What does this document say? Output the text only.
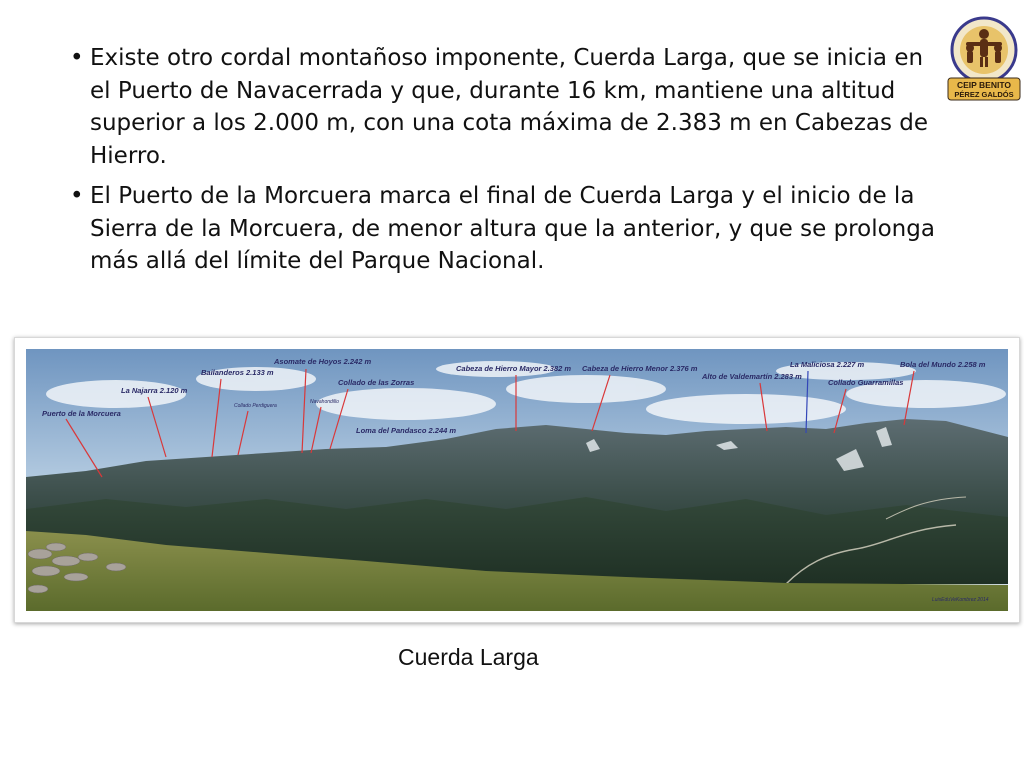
• Existe otro cordal montañoso imponente, Cuerda Larga, que se inicia en el Puerto de Navacerrada y que, durante 16 km, mantiene una altitud superior a los 2.000 m, con una cota máxima de 2.383 m en Cabezas de Hierro.
• El Puerto de la Morcuera marca el final de Cuerda Larga y el inicio de la Sierra de la Morcuera, de menor altura que la anterior, y que se prolonga más allá del límite del Parque Nacional.
CEIP BENITO
PÉREZ GALDÓS
Puerto de la Morcuera
La Najarra 2.120 m
Bailanderos 2.133 m
Collado Perdiguera
Asomate de Hoyos 2.242 m
Navahondillo
Collado de las Zorras
Loma del Pandasco 2.244 m
Cabeza de Hierro Mayor 2.382 m Cabeza de Hierro Menor 2.376 m
Alto de Valdemartín 2.283 m
La Maliciosa 2.227 m
Collado Guarramillas
Bola del Mundo 2.258 m
LuisEduVeKombrez 2014
Cuerda Larga
